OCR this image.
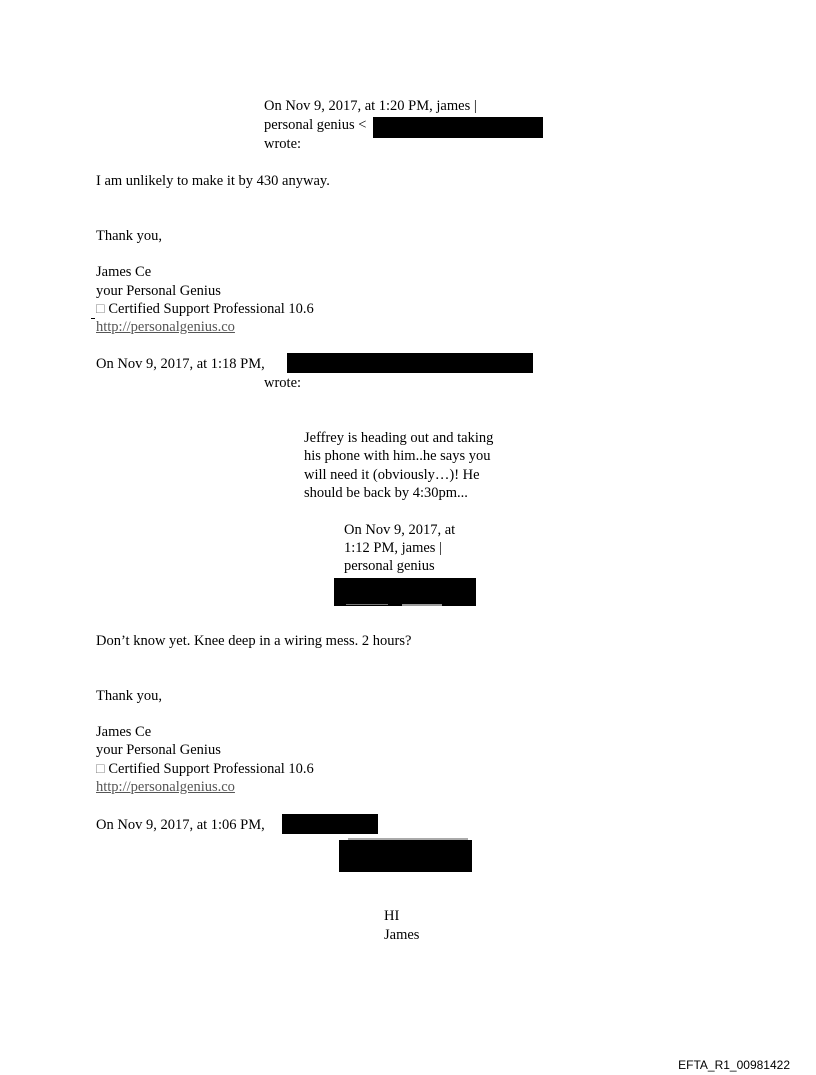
On Nov 9, 2017, at 1:20 PM, james |
personal genius <
wrote:
I am unlikely to make it by 430 anyway.
Thank you,
James Ce
your Personal Genius
□ Certified Support Professional 10.6
http://personalgenius.co
On Nov 9, 2017, at 1:18 PM,
wrote:
Jeffrey is heading out and taking
his phone with him..he says you
will need it (obviously…)! He
should be back by 4:30pm...
On Nov 9, 2017, at
1:12 PM, james |
personal genius
Don’t know yet. Knee deep in a wiring mess. 2 hours?
Thank you,
James Ce
your Personal Genius
□ Certified Support Professional 10.6
http://personalgenius.co
On Nov 9, 2017, at 1:06 PM,
HI
James
EFTA_R1_00981422
